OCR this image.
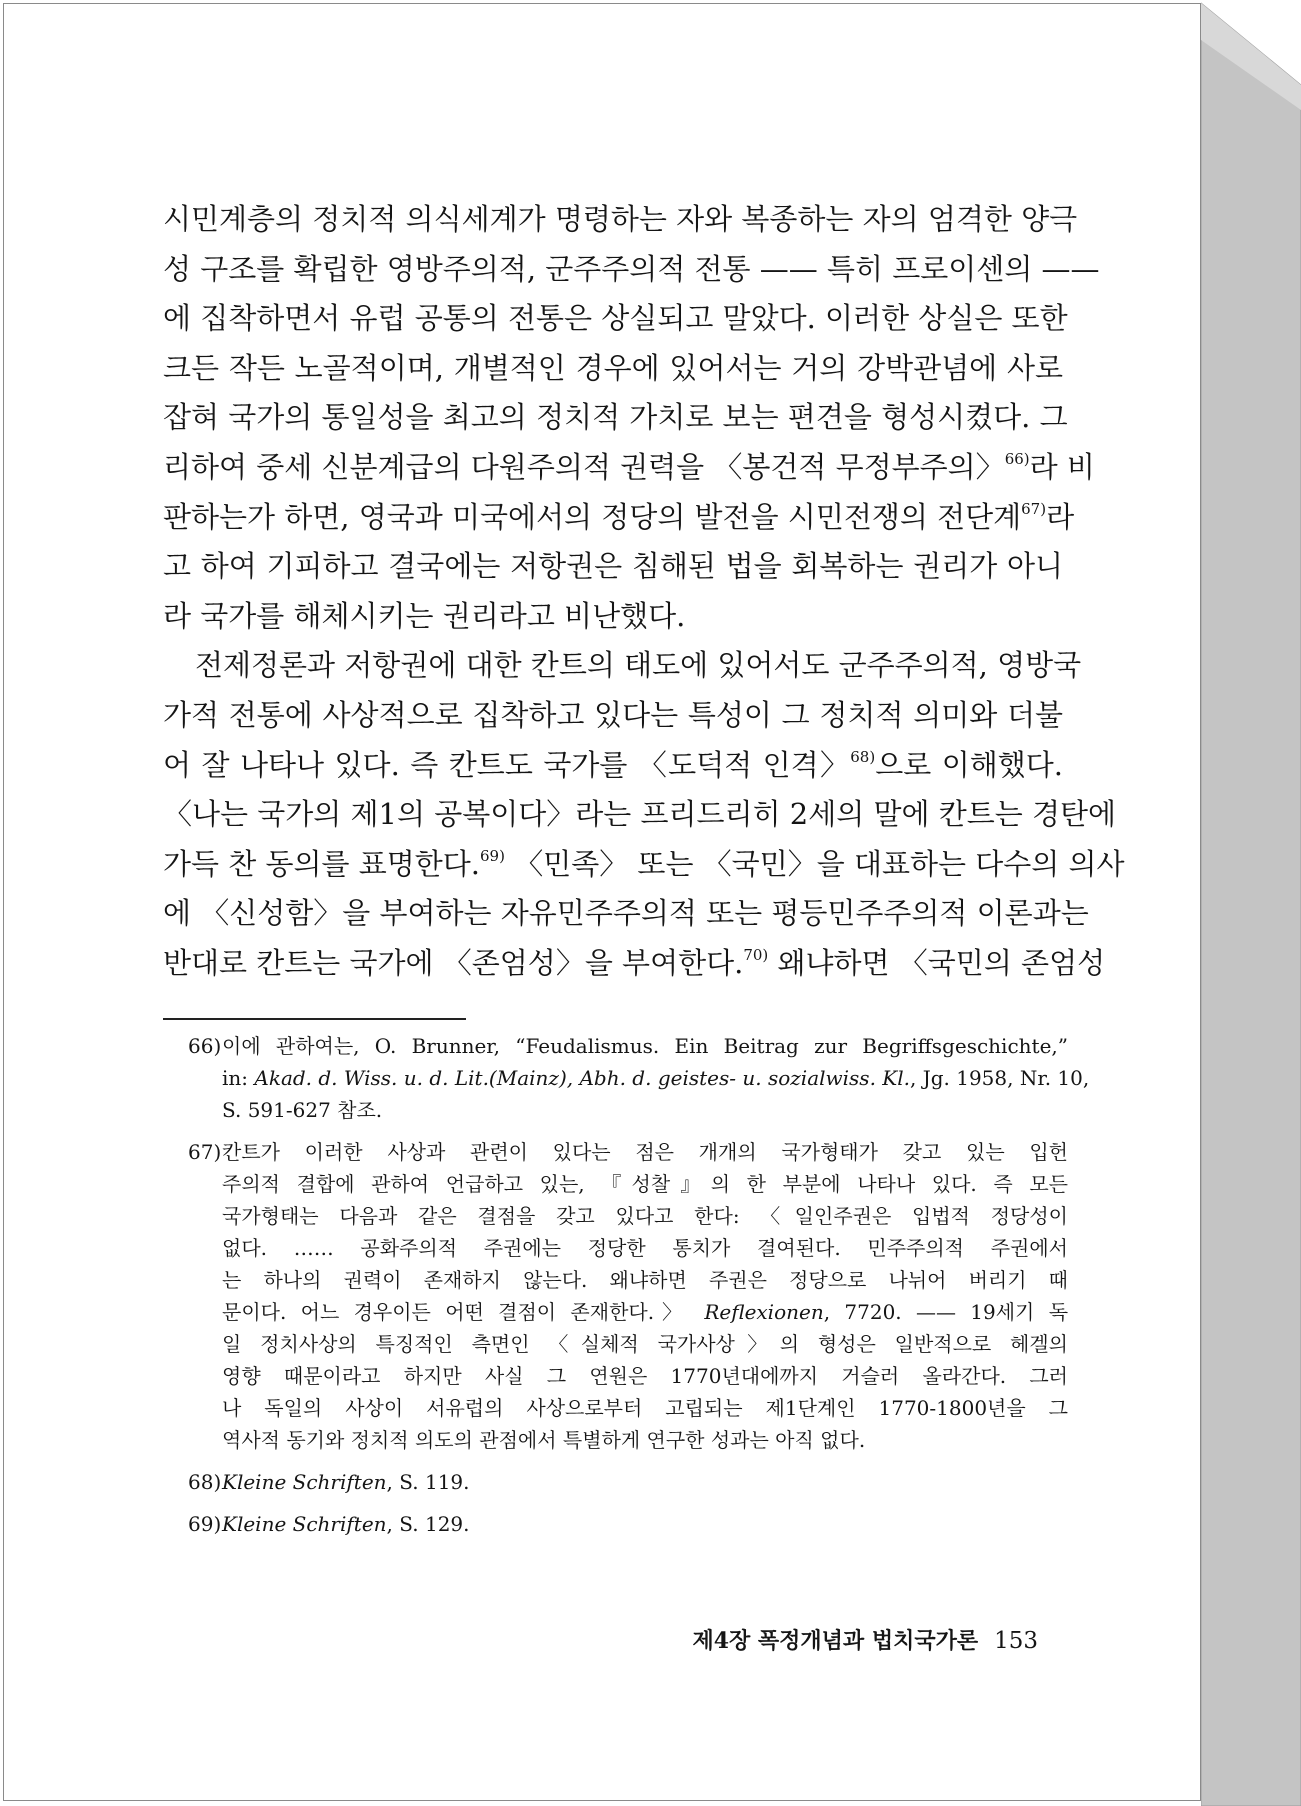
시민계층의 정치적 의식세계가 명령하는 자와 복종하는 자의 엄격한 양극
성 구조를 확립한 영방주의적, 군주주의적 전통 —— 특히 프로이센의 ——
에 집착하면서 유럽 공통의 전통은 상실되고 말았다. 이러한 상실은 또한
크든 작든 노골적이며, 개별적인 경우에 있어서는 거의 강박관념에 사로
잡혀 국가의 통일성을 최고의 정치적 가치로 보는 편견을 형성시켰다. 그
리하여 중세 신분계급의 다원주의적 권력을 〈봉건적 무정부주의〉$^{66)}$라 비
판하는가 하면, 영국과 미국에서의 정당의 발전을 시민전쟁의 전단계$^{67)}$라
고 하여 기피하고 결국에는 저항권은 침해된 법을 회복하는 권리가 아니
라 국가를 해체시키는 권리라고 비난했다.
전제정론과 저항권에 대한 칸트의 태도에 있어서도 군주주의적, 영방국
가적 전통에 사상적으로 집착하고 있다는 특성이 그 정치적 의미와 더불
어 잘 나타나 있다. 즉 칸트도 국가를 〈도덕적 인격〉$^{68)}$으로 이해했다.
〈나는 국가의 제1의 공복이다〉라는 프리드리히 2세의 말에 칸트는 경탄에
가득 찬 동의를 표명한다.$^{69)}$ 〈민족〉 또는 〈국민〉을 대표하는 다수의 의사
에 〈신성함〉을 부여하는 자유민주주의적 또는 평등민주주의적 이론과는
반대로 칸트는 국가에 〈존엄성〉을 부여한다.$^{70)}$ 왜냐하면 〈국민의 존엄성
66) 이에 관하여는, O. Brunner, “Feudalismus. Ein Beitrag zur Begriffsgeschichte,”
in: Akad. d. Wiss. u. d. Lit.(Mainz), Abh. d. geistes- u. sozialwiss. Kl., Jg. 1958, Nr. 10,
S. 591-627 참조.
67) 칸트가 이러한 사상과 관련이 있다는 점은 개개의 국가형태가 갖고 있는 입헌
주의적 결합에 관하여 언급하고 있는, 『성찰』의 한 부분에 나타나 있다. 즉 모든
국가형태는 다음과 같은 결점을 갖고 있다고 한다: 〈일인주권은 입법적 정당성이
없다. …… 공화주의적 주권에는 정당한 통치가 결여된다. 민주주의적 주권에서
는 하나의 권력이 존재하지 않는다. 왜냐하면 주권은 정당으로 나뉘어 버리기 때
문이다. 어느 경우이든 어떤 결점이 존재한다.〉 Reflexionen, 7720. —— 19세기 독
일 정치사상의 특징적인 측면인 〈실체적 국가사상〉의 형성은 일반적으로 헤겔의
영향 때문이라고 하지만 사실 그 연원은 1770년대에까지 거슬러 올라간다. 그러
나 독일의 사상이 서유럽의 사상으로부터 고립되는 제1단계인 1770-1800년을 그
역사적 동기와 정치적 의도의 관점에서 특별하게 연구한 성과는 아직 없다.
68) Kleine Schriften, S. 119.
69) Kleine Schriften, S. 129.
제4장 폭정개념과 법치국가론 153
